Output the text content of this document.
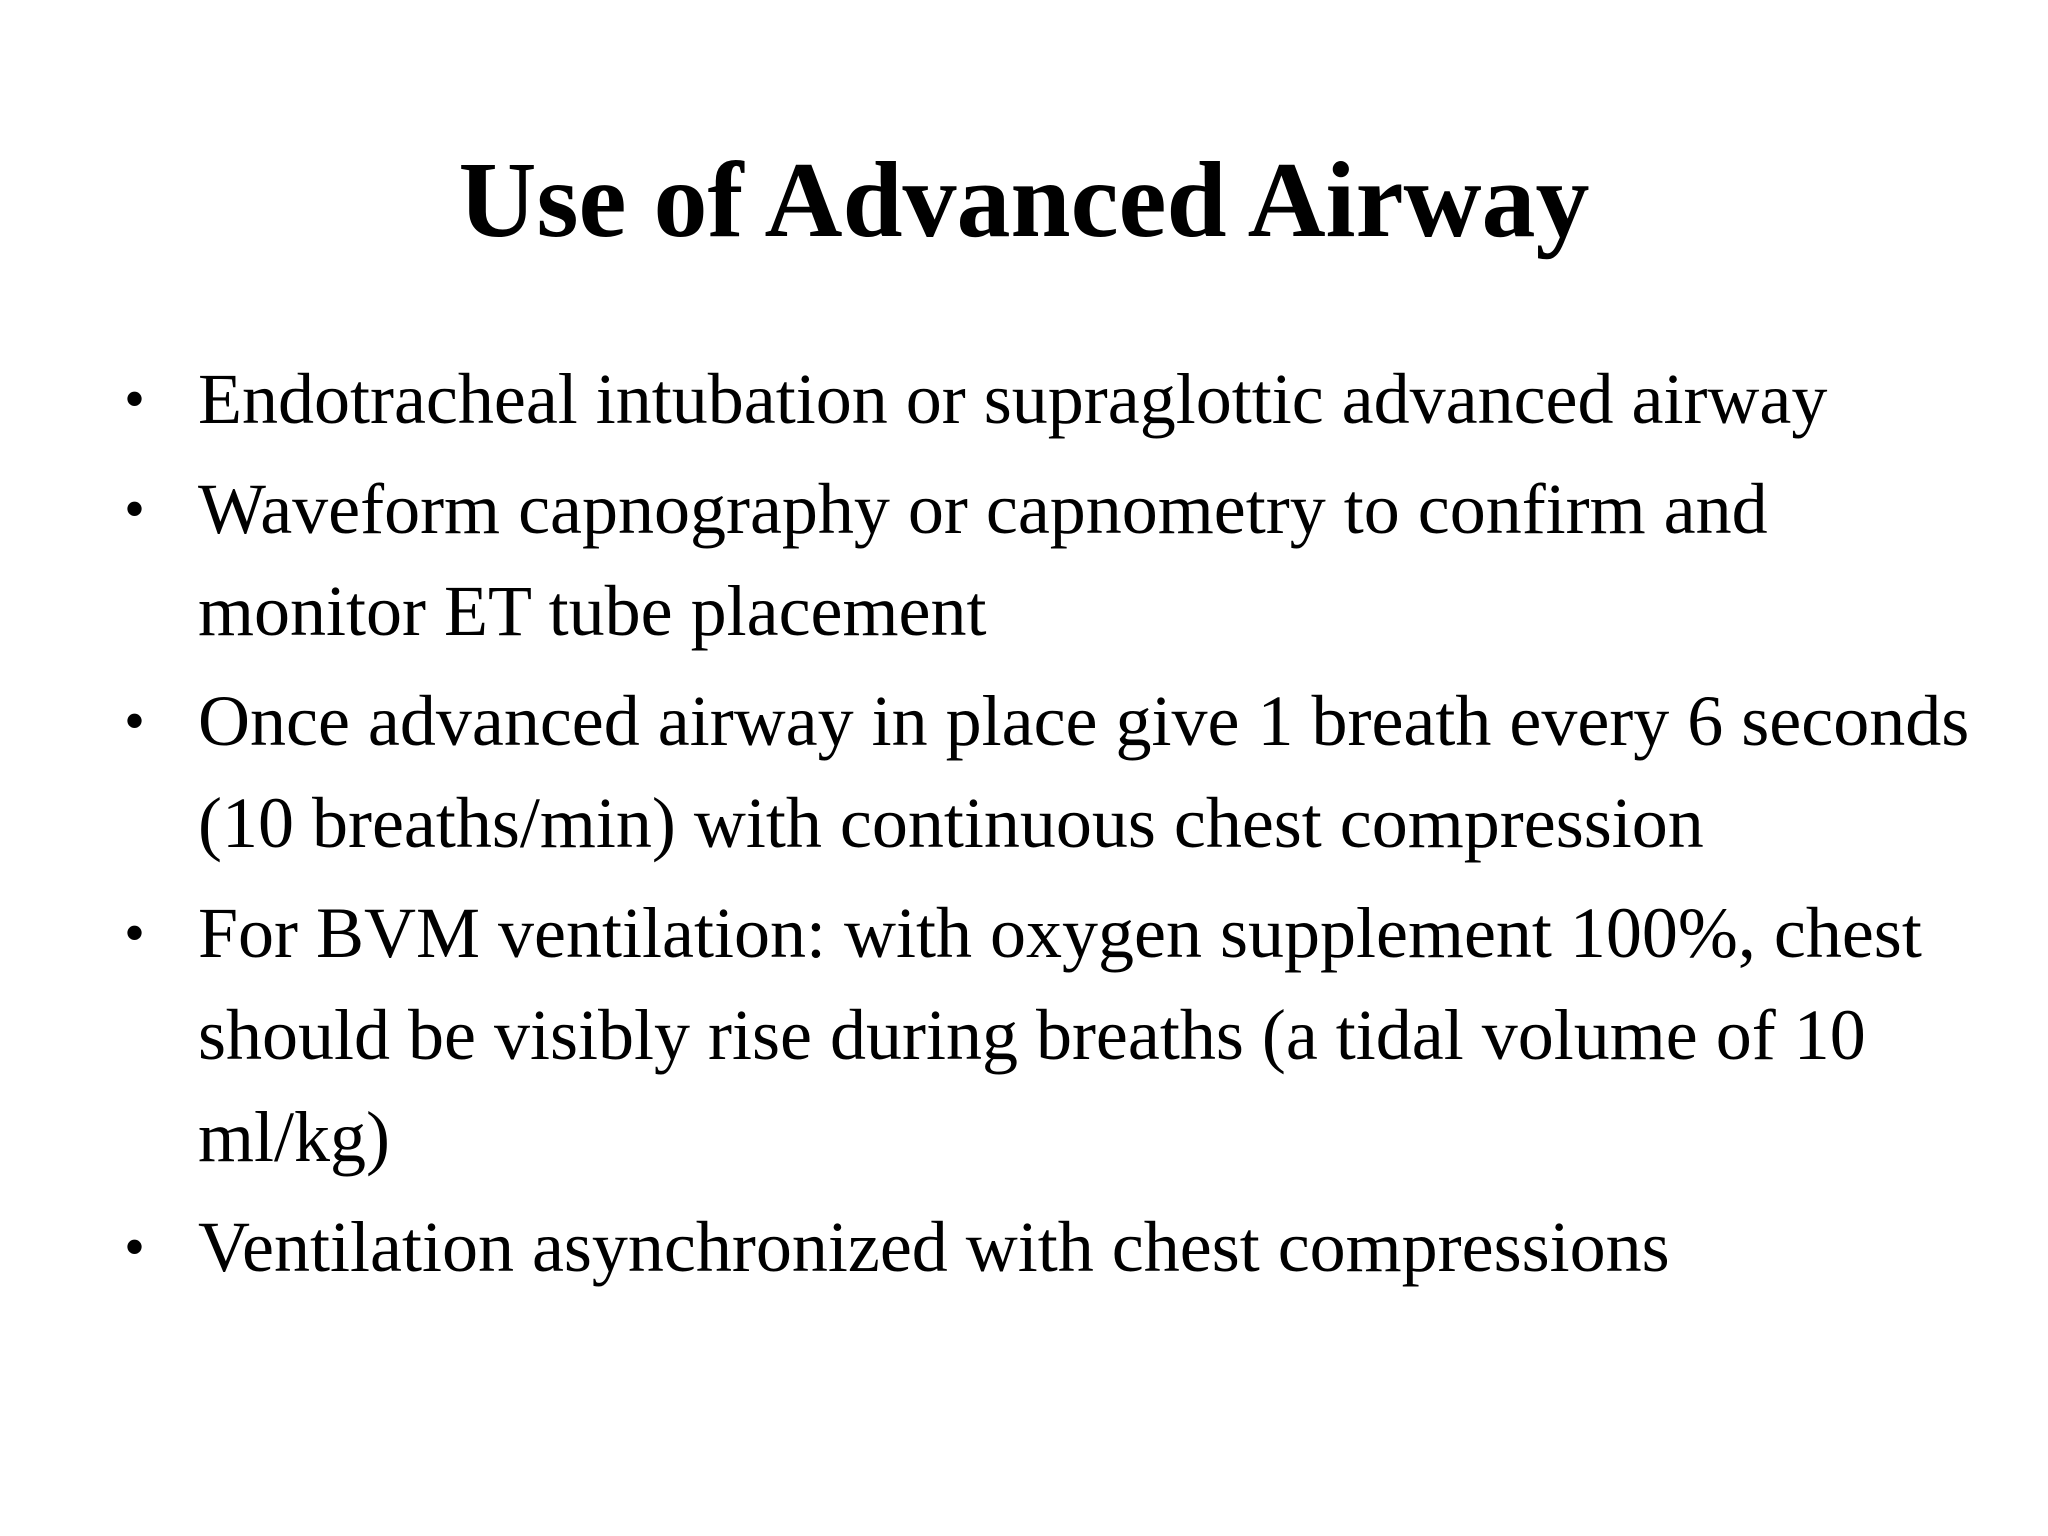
Use of Advanced Airway
• Endotracheal intubation or supraglottic advanced airway
• Waveform capnography or capnometry to confirm and monitor ET tube placement
• Once advanced airway in place give 1 breath every 6 seconds (10 breaths/min) with continuous chest compression
• For BVM ventilation: with oxygen supplement 100%, chest should be visibly rise during breaths (a tidal volume of 10 ml/kg)
• Ventilation asynchronized with chest compressions
